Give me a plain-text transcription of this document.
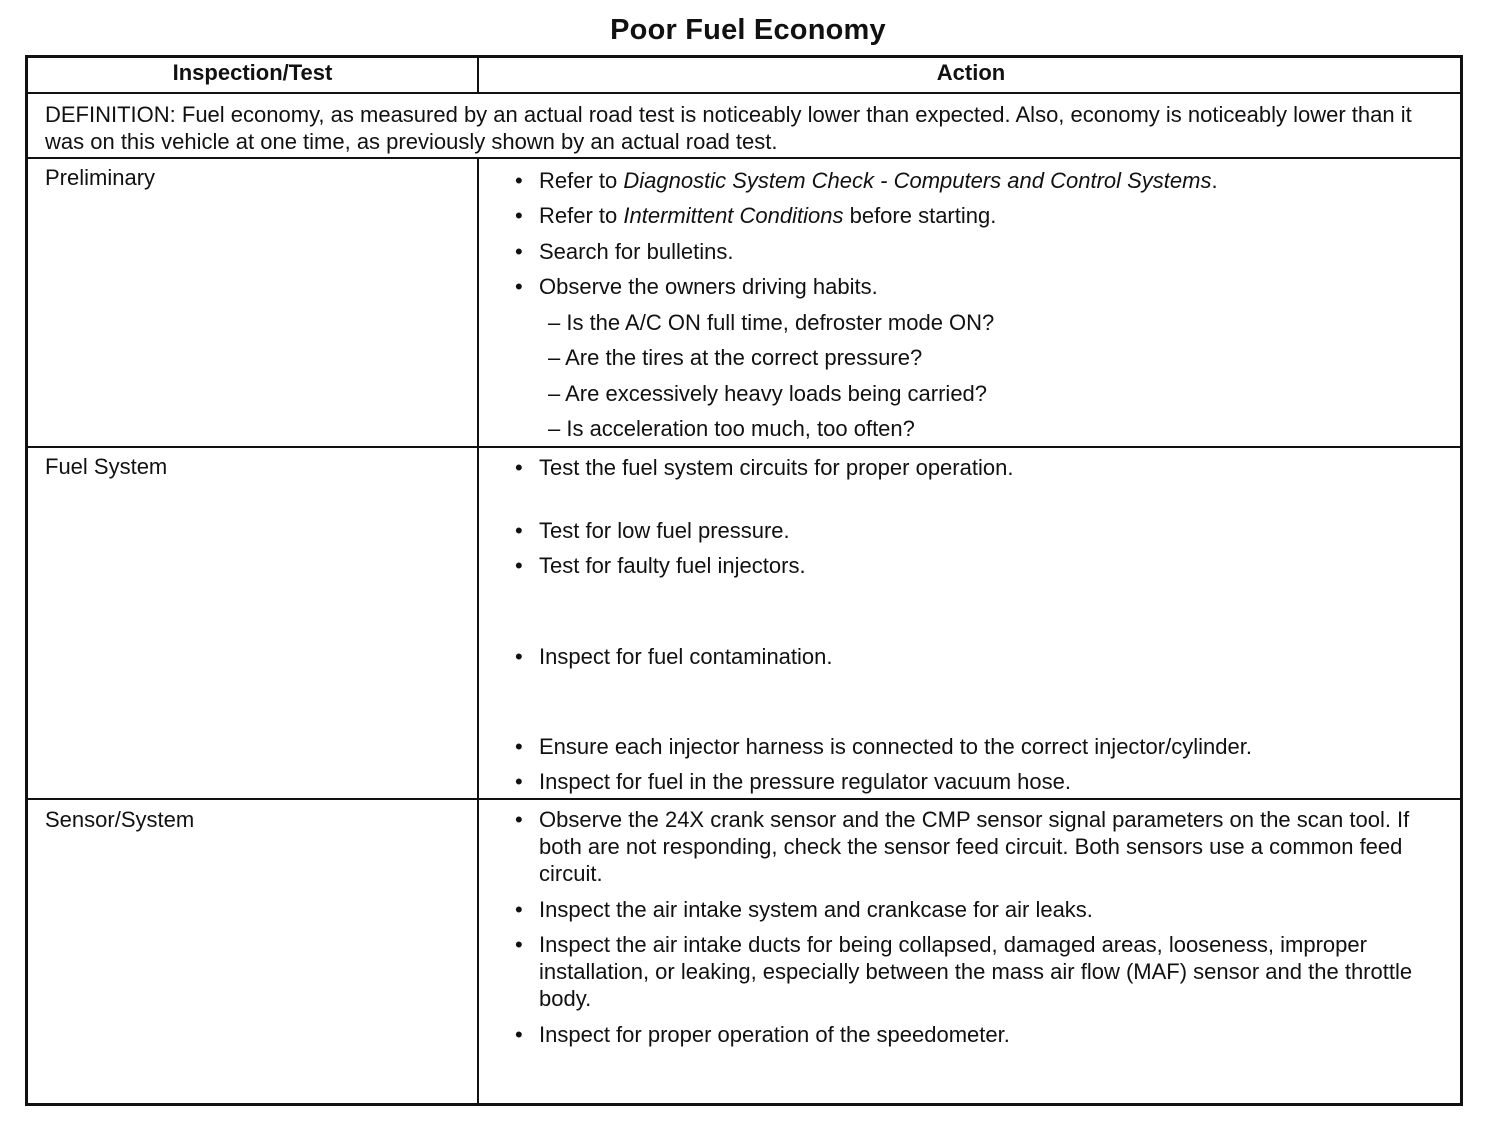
Poor Fuel Economy
Inspection/Test	Action
DEFINITION: Fuel economy, as measured by an actual road test is noticeably lower than expected. Also, economy is noticeably lower than it was on this vehicle at one time, as previously shown by an actual road test.
Preliminary	• Refer to Diagnostic System Check - Computers and Control Systems.
• Refer to Intermittent Conditions before starting.
• Search for bulletins.
• Observe the owners driving habits.
– Is the A/C ON full time, defroster mode ON?
– Are the tires at the correct pressure?
– Are excessively heavy loads being carried?
– Is acceleration too much, too often?
Fuel System	• Test the fuel system circuits for proper operation.
• Test for low fuel pressure.
• Test for faulty fuel injectors.
• Inspect for fuel contamination.
• Ensure each injector harness is connected to the correct injector/cylinder.
• Inspect for fuel in the pressure regulator vacuum hose.
Sensor/System	• Observe the 24X crank sensor and the CMP sensor signal parameters on the scan tool. If both are not responding, check the sensor feed circuit. Both sensors use a common feed circuit.
• Inspect the air intake system and crankcase for air leaks.
• Inspect the air intake ducts for being collapsed, damaged areas, looseness, improper installation, or leaking, especially between the mass air flow (MAF) sensor and the throttle body.
• Inspect for proper operation of the speedometer.
